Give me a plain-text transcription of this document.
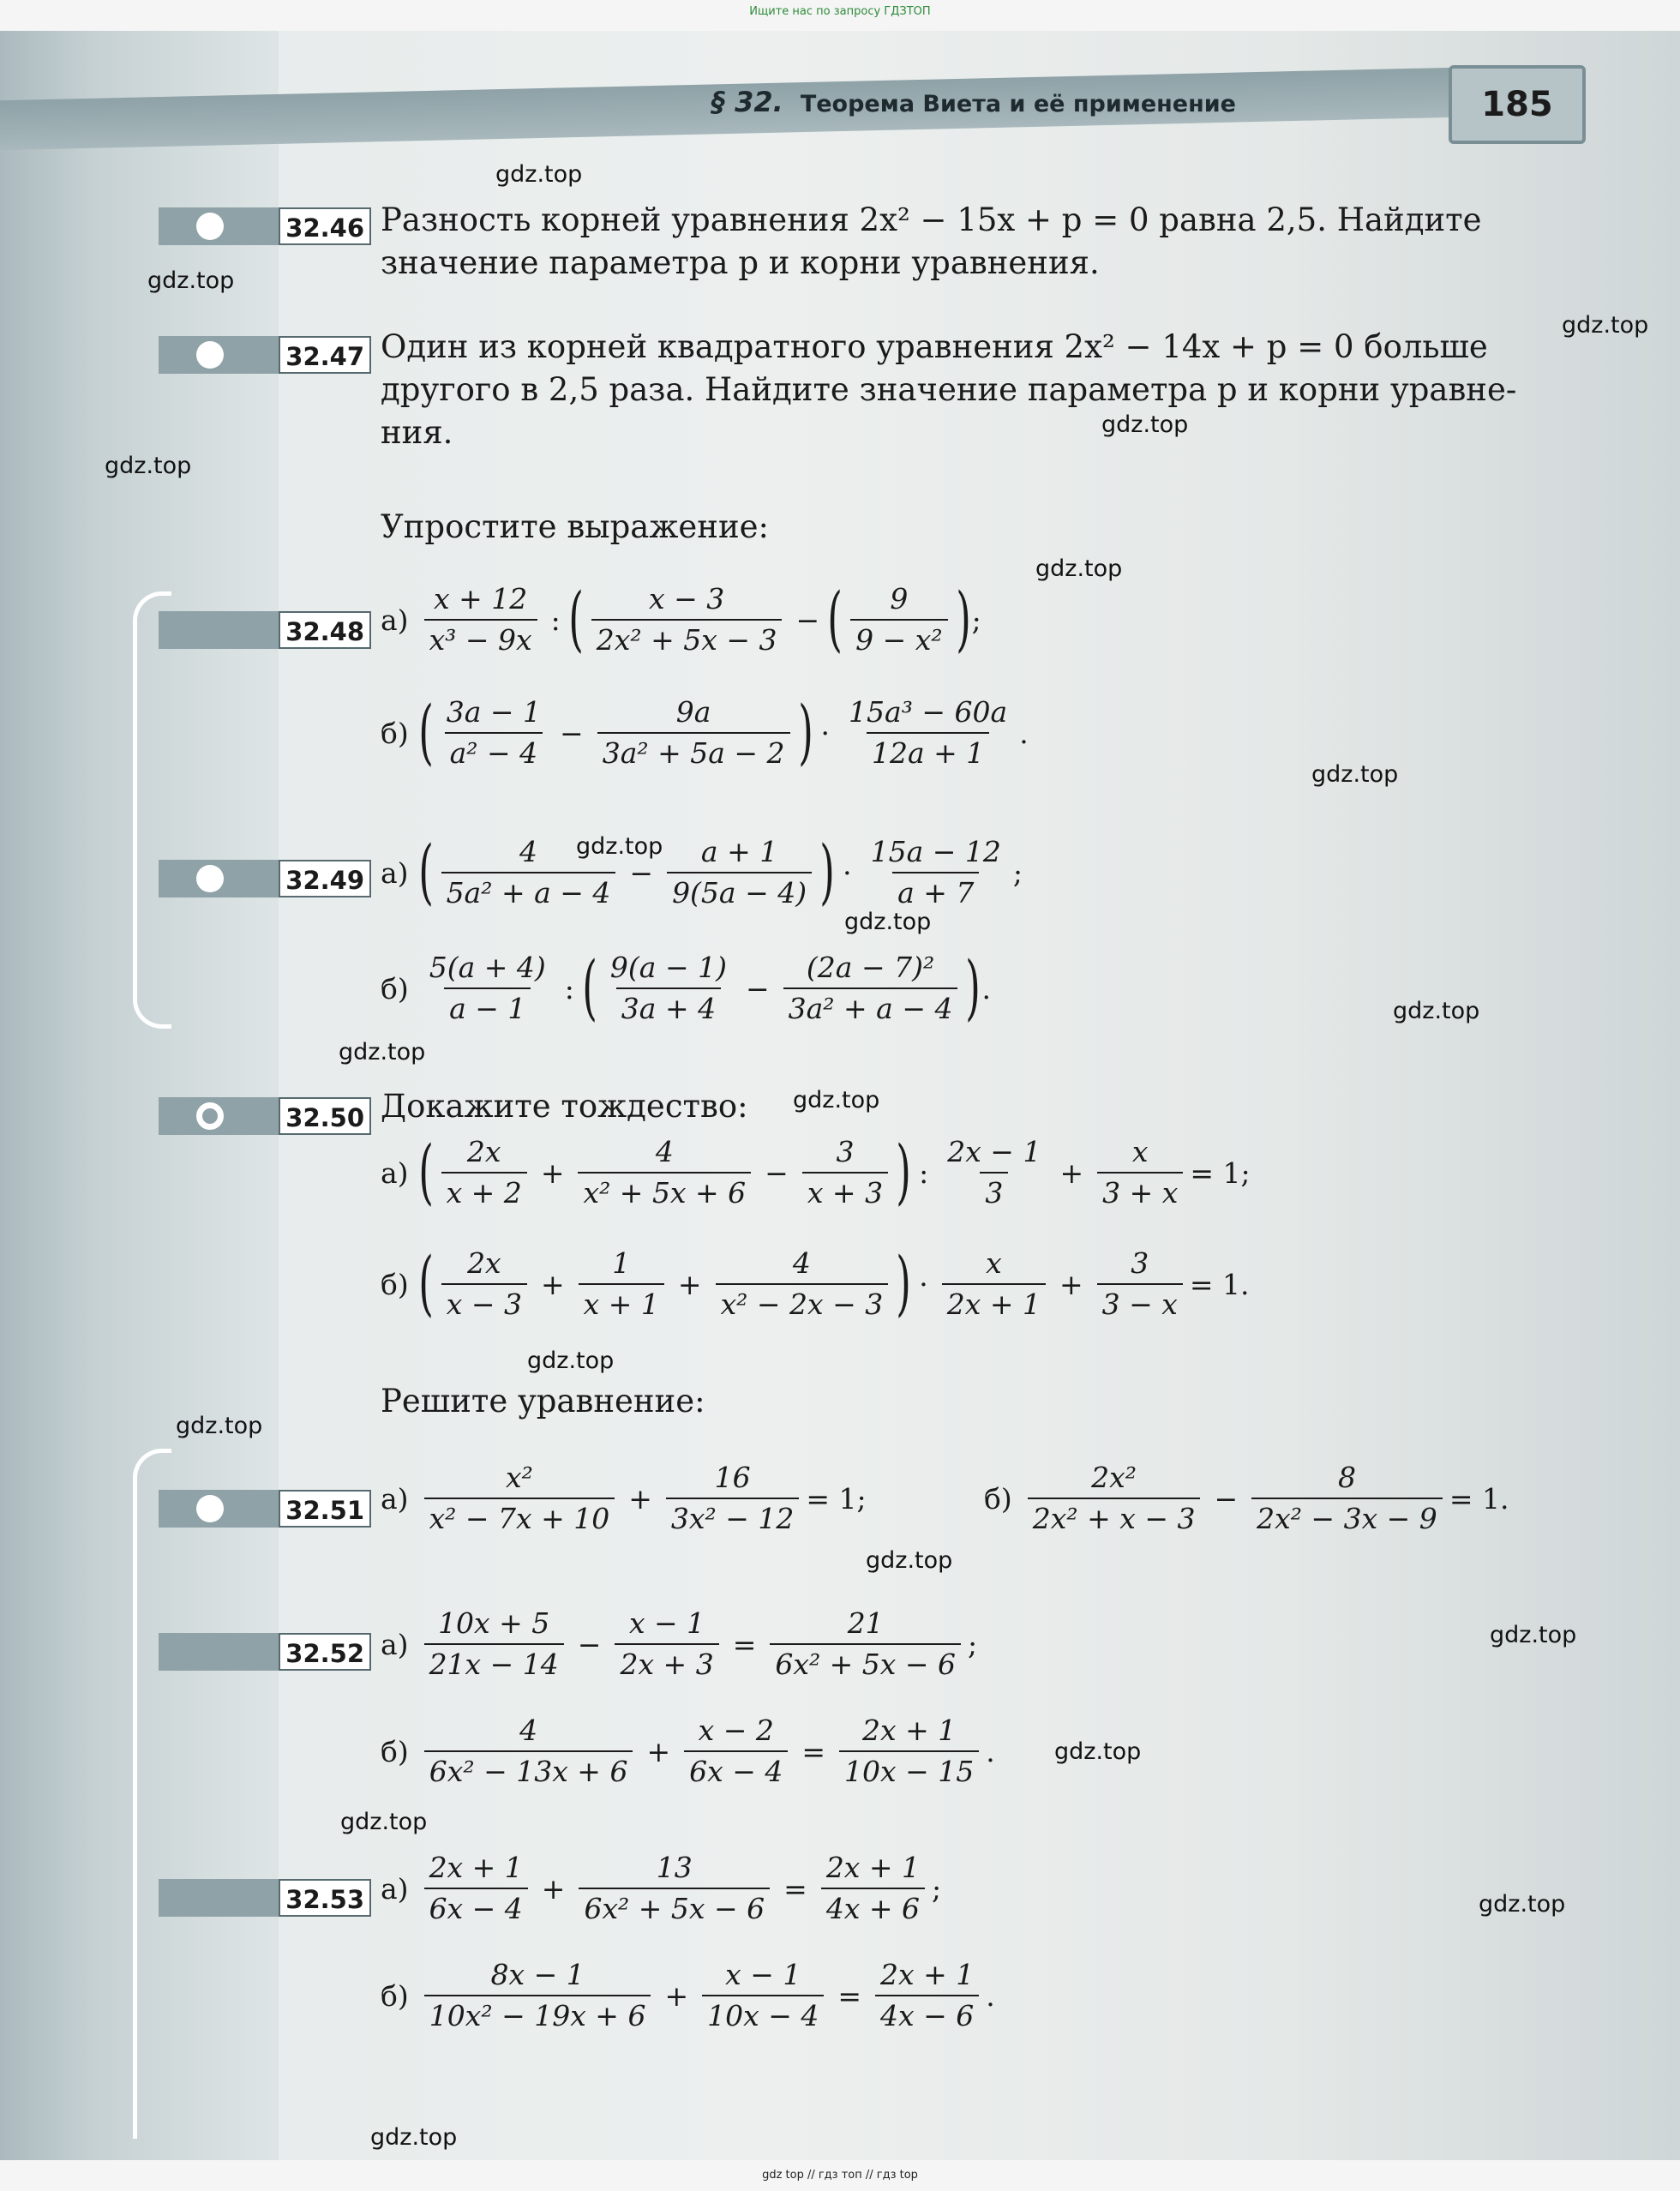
Ищите нас по запросу ГДЗТОП
§ 32. Теорема Виета и её применение	185
32.46 Разность корней уравнения 2x² − 15x + p = 0 равна 2,5. Найдите
значение параметра p и корни уравнения.
32.47 Один из корней квадратного уравнения 2x² − 14x + p = 0 больше
другого в 2,5 раза. Найдите значение параметра p и корни уравне-
ния.
Упростите выражение:
32.48 $а) \frac{x + 12}{\text{x³ − 9x}}$ : ( $\frac{x - 3}{\text{2x² + 5x − 3}}$ − ( $\frac{9}{\text{9 − x²}}$ ) ;
б) ( $\frac{3a - 1}{\text{a² − 4}} - \frac{9a}{\text{3a² + 5a − 2}}$ ) · $\frac{\text{15a³ − 60a}}{12a + 1}$ .
32.49 а) ( $\frac{4}{\text{5a² + a − 4}} - \frac{a + 1}{9(5a - 4)}$ ) · $\frac{15a - 12}{a + 7}$ ;
$б) \frac{5(a + 4)}{a - 1}$ : ( $\frac{9(a - 1)}{3a + 4} - \frac{\text{(2a − 7)²}}{\text{3a² + a − 4}}$ ) .
32.50 Докажите тождество:
а) ( $\frac{2x}{x + 2} + \frac{4}{\text{x² + 5x + 6}} - \frac{3}{x + 3}$ ) : $\frac{2x - 1}{3} + \frac{x}{3 + x} = 1$;
б) ( $\frac{2x}{x - 3} + \frac{1}{x + 1} + \frac{4}{\text{x² − 2x − 3}}$ ) · $\frac{x}{2x + 1} + \frac{3}{3 - x} = 1$.
Решите уравнение:
32.51 $а) \frac{\text{x²}}{\text{x² − 7x + 10}} + \frac{16}{\text{3x² − 12}} = 1$;	$б) \frac{\text{2x²}}{\text{2x² + x − 3}} - \frac{8}{\text{2x² − 3x − 9}} = 1$.
32.52 $а) \frac{10x + 5}{21x - 14} - \frac{x - 1}{2x + 3} = \frac{21}{\text{6x² + 5x − 6}}$ ;
$б) \frac{4}{\text{6x² − 13x + 6}} + \frac{x - 2}{6x - 4} = \frac{2x + 1}{10x - 15}$ .
32.53 $а) \frac{2x + 1}{6x - 4} + \frac{13}{\text{6x² + 5x − 6}} = \frac{2x + 1}{4x + 6}$ ;
$б) \frac{8x - 1}{\text{10x² − 19x + 6}} + \frac{x - 1}{10x - 4} = \frac{2x + 1}{4x - 6}$ .
gdz.top
gdz.top
gdz.top
gdz.top
gdz.top
gdz.top
gdz.top
gdz.top
gdz.top
gdz.top
gdz.top
gdz.top
gdz.top
gdz.top
gdz.top
gdz.top
gdz.top
gdz.top
gdz.top
gdz.top
gdz top // гдз топ // гдз top
